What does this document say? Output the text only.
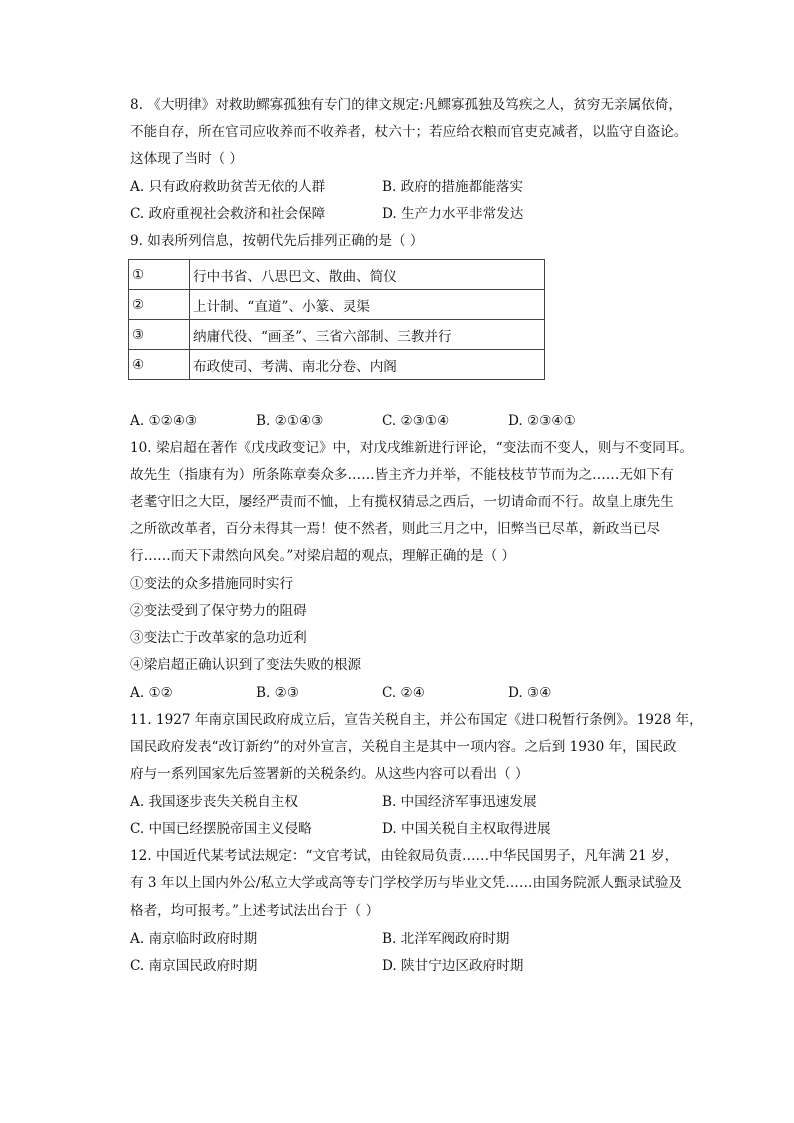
8. 《大明律》对救助鳏寡孤独有专门的律文规定:凡鳏寡孤独及笃疾之人，贫穷无亲属依倚，
不能自存，所在官司应收养而不收养者，杖六十；若应给衣粮而官吏克减者，以监守自盗论。
这体现了当时（ ）
A. 只有政府救助贫苦无依的人群	B. 政府的措施都能落实
C. 政府重视社会救济和社会保障	D. 生产力水平非常发达
9. 如表所列信息，按朝代先后排列正确的是（ ）
①	行中书省、八思巴文、散曲、简仪
②	上计制、“直道”、小篆、灵渠
③	纳庸代役、“画圣”、三省六部制、三教并行
④	布政使司、考满、南北分卷、内阁
A. ①②④③	B. ②①④③	C. ②③①④	D. ②③④①
10. 梁启超在著作《戊戌政变记》中，对戊戌维新进行评论，“变法而不变人，则与不变同耳。
故先生（指康有为）所条陈章奏众多……皆主齐力并举，不能枝枝节节而为之……无如下有
老耄守旧之大臣，屡经严责而不恤，上有揽权猜忌之西后，一切请命而不行。故皇上康先生
之所欲改革者，百分未得其一焉！使不然者，则此三月之中，旧弊当已尽革，新政当已尽
行……而天下肃然向风矣。”对梁启超的观点，理解正确的是（ ）
①变法的众多措施同时实行
②变法受到了保守势力的阻碍
③变法亡于改革家的急功近利
④梁启超正确认识到了变法失败的根源
A. ①②	B. ②③	C. ②④	D. ③④
11. 1927 年南京国民政府成立后，宣告关税自主，并公布国定《进口税暂行条例》。1928 年，
国民政府发表“改订新约”的对外宣言，关税自主是其中一项内容。之后到 1930 年，国民政
府与一系列国家先后签署新的关税条约。从这些内容可以看出（ ）
A. 我国逐步丧失关税自主权	B. 中国经济军事迅速发展
C. 中国已经摆脱帝国主义侵略	D. 中国关税自主权取得进展
12. 中国近代某考试法规定：“文官考试，由铨叙局负责……中华民国男子，凡年满 21 岁，
有 3 年以上国内外公/私立大学或高等专门学校学历与毕业文凭……由国务院派人甄录试验及
格者，均可报考。”上述考试法出台于（ ）
A. 南京临时政府时期	B. 北洋军阀政府时期
C. 南京国民政府时期	D. 陕甘宁边区政府时期
